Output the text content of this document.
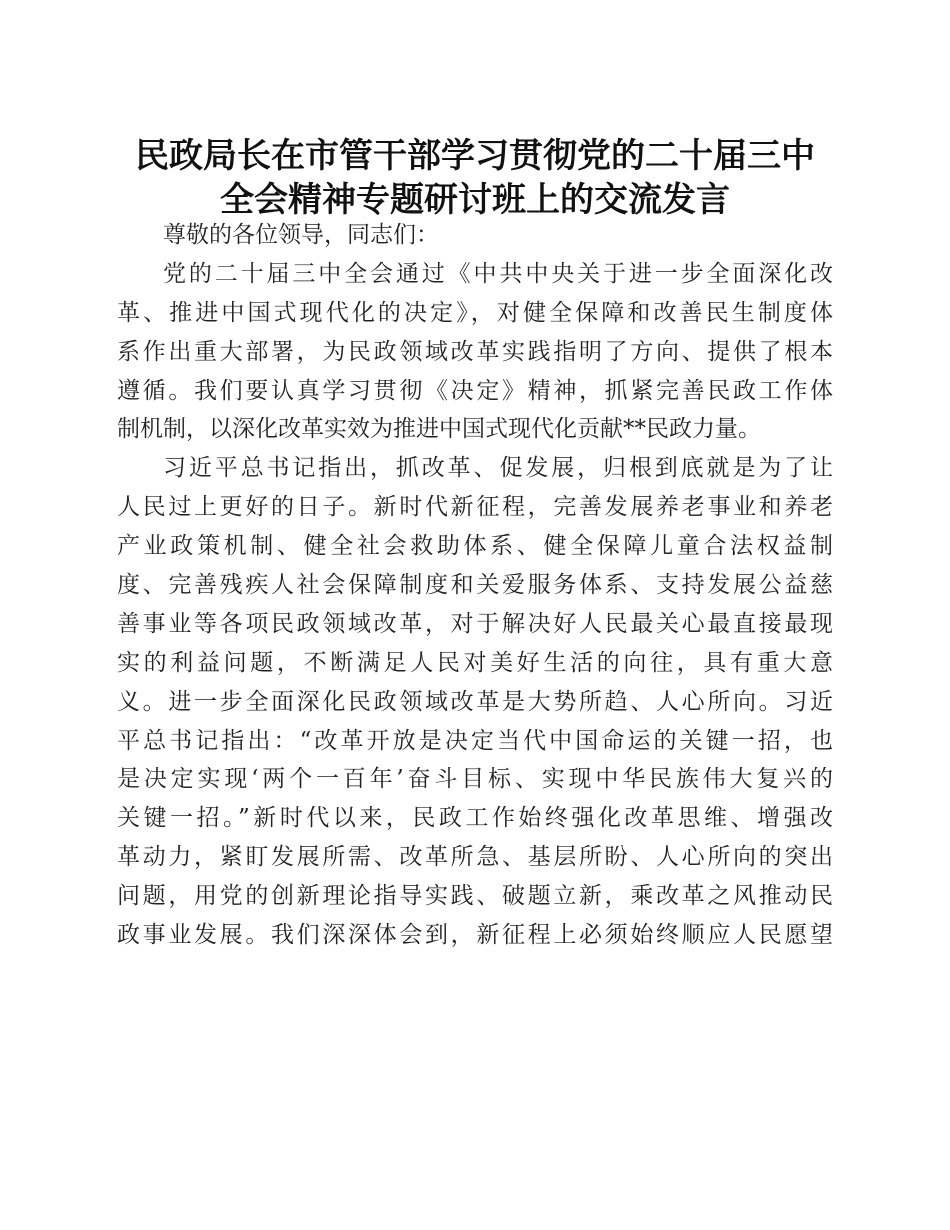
民政局长在市管干部学习贯彻党的二十届三中
全会精神专题研讨班上的交流发言
尊敬的各位领导，同志们：
党的二十届三中全会通过《中共中央关于进一步全面深化改
革、推进中国式现代化的决定》，对健全保障和改善民生制度体
系作出重大部署，为民政领域改革实践指明了方向、提供了根本
遵循。我们要认真学习贯彻《决定》精神，抓紧完善民政工作体
制机制，以深化改革实效为推进中国式现代化贡献**民政力量。
习近平总书记指出，抓改革、促发展，归根到底就是为了让
人民过上更好的日子。新时代新征程，完善发展养老事业和养老
产业政策机制、健全社会救助体系、健全保障儿童合法权益制
度、完善残疾人社会保障制度和关爱服务体系、支持发展公益慈
善事业等各项民政领域改革，对于解决好人民最关心最直接最现
实的利益问题，不断满足人民对美好生活的向往，具有重大意
义。进一步全面深化民政领域改革是大势所趋、人心所向。习近
平总书记指出：“改革开放是决定当代中国命运的关键一招，也
是决定实现‘两个一百年’奋斗目标、实现中华民族伟大复兴的
关键一招。”新时代以来，民政工作始终强化改革思维、增强改
革动力，紧盯发展所需、改革所急、基层所盼、人心所向的突出
问题，用党的创新理论指导实践、破题立新，乘改革之风推动民
政事业发展。我们深深体会到，新征程上必须始终顺应人民愿望
